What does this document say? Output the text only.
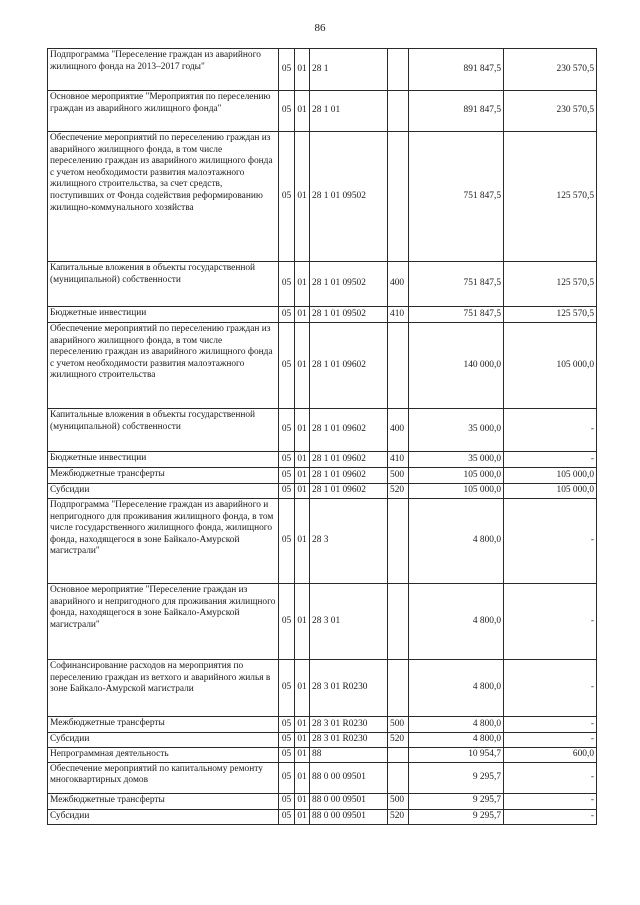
86
Подпрограмма "Переселение граждан из аварийного жилищного фонда на 2013–2017 годы"	05	01	28 1		891 847,5	230 570,5
Основное мероприятие "Мероприятия по переселению граждан из аварийного жилищного фонда"	05	01	28 1 01		891 847,5	230 570,5
Обеспечение мероприятий по переселению граждан из аварийного жилищного фонда, в том числе переселению граждан из аварийного жилищного фонда с учетом необходимости развития малоэтажного жилищного строительства, за счет средств, поступивших от Фонда содействия реформированию жилищно-коммунального хозяйства	05	01	28 1 01 09502		751 847,5	125 570,5
Капитальные вложения в объекты государственной (муниципальной) собственности	05	01	28 1 01 09502	400	751 847,5	125 570,5
Бюджетные инвестиции	05	01	28 1 01 09502	410	751 847,5	125 570,5
Обеспечение мероприятий по переселению граждан из аварийного жилищного фонда, в том числе переселению граждан из аварийного жилищного фонда с учетом необходимости развития малоэтажного жилищного строительства	05	01	28 1 01 09602		140 000,0	105 000,0
Капитальные вложения в объекты государственной (муниципальной) собственности	05	01	28 1 01 09602	400	35 000,0	-
Бюджетные инвестиции	05	01	28 1 01 09602	410	35 000,0	-
Межбюджетные трансферты	05	01	28 1 01 09602	500	105 000,0	105 000,0
Субсидии	05	01	28 1 01 09602	520	105 000,0	105 000,0
Подпрограмма "Переселение граждан из аварийного и непригодного для проживания жилищного фонда, в том числе государственного жилищного фонда, жилищного фонда, находящегося в зоне Байкало-Амурской магистрали"	05	01	28 3		4 800,0	-
Основное мероприятие "Переселение граждан из аварийного и непригодного для проживания жилищного фонда, находящегося в зоне Байкало-Амурской магистрали"	05	01	28 3 01		4 800,0	-
Софинансирование расходов на мероприятия по переселению граждан из ветхого и аварийного жилья в зоне Байкало-Амурской магистрали	05	01	28 3 01 R0230		4 800,0	-
Межбюджетные трансферты	05	01	28 3 01 R0230	500	4 800,0	-
Субсидии	05	01	28 3 01 R0230	520	4 800,0	-
Непрограммная деятельность	05	01	88		10 954,7	600,0
Обеспечение мероприятий по капитальному ремонту многоквартирных домов	05	01	88 0 00 09501		9 295,7	-
Межбюджетные трансферты	05	01	88 0 00 09501	500	9 295,7	-
Субсидии	05	01	88 0 00 09501	520	9 295,7	-
